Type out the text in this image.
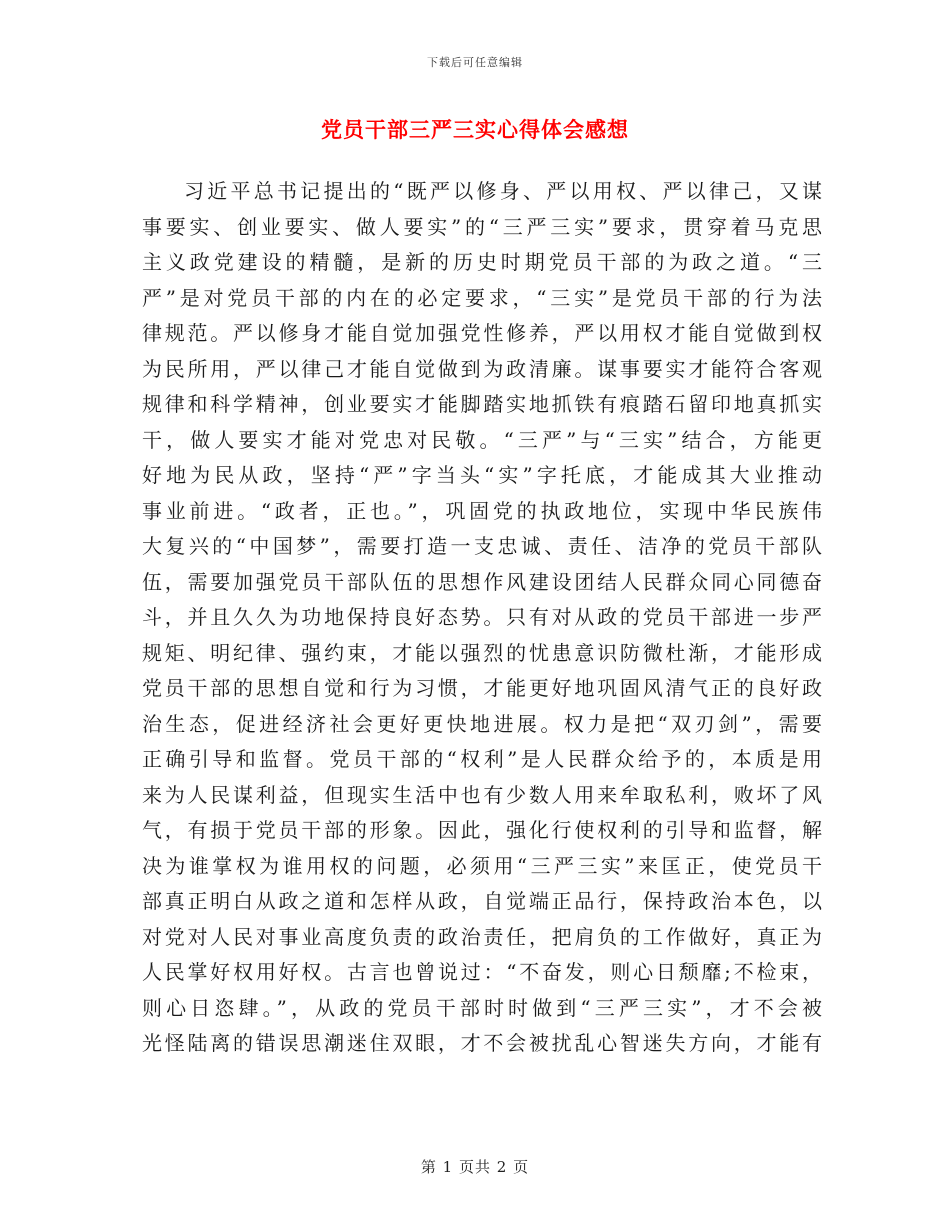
下载后可任意编辑
党员干部三严三实心得体会感想
习近平总书记提出的“既严以修身、严以用权、严以律己，又谋
事要实、创业要实、做人要实”的“三严三实”要求，贯穿着马克思
主义政党建设的精髓，是新的历史时期党员干部的为政之道。“三
严”是对党员干部的内在的必定要求，“三实”是党员干部的行为法
律规范。严以修身才能自觉加强党性修养，严以用权才能自觉做到权
为民所用，严以律己才能自觉做到为政清廉。谋事要实才能符合客观
规律和科学精神，创业要实才能脚踏实地抓铁有痕踏石留印地真抓实
干，做人要实才能对党忠对民敬。“三严”与“三实”结合，方能更
好地为民从政，坚持“严”字当头“实”字托底，才能成其大业推动
事业前进。“政者，正也。”，巩固党的执政地位，实现中华民族伟
大复兴的“中国梦”，需要打造一支忠诚、责任、洁净的党员干部队
伍，需要加强党员干部队伍的思想作风建设团结人民群众同心同德奋
斗，并且久久为功地保持良好态势。只有对从政的党员干部进一步严
规矩、明纪律、强约束，才能以强烈的忧患意识防微杜渐，才能形成
党员干部的思想自觉和行为习惯，才能更好地巩固风清气正的良好政
治生态，促进经济社会更好更快地进展。权力是把“双刃剑”，需要
正确引导和监督。党员干部的“权利”是人民群众给予的，本质是用
来为人民谋利益，但现实生活中也有少数人用来牟取私利，败坏了风
气，有损于党员干部的形象。因此，强化行使权利的引导和监督，解
决为谁掌权为谁用权的问题，必须用“三严三实”来匡正，使党员干
部真正明白从政之道和怎样从政，自觉端正品行，保持政治本色，以
对党对人民对事业高度负责的政治责任，把肩负的工作做好，真正为
人民掌好权用好权。古言也曾说过：“不奋发，则心日颓靡;不检束，
则心日恣肆。”，从政的党员干部时时做到“三严三实”，才不会被
光怪陆离的错误思潮迷住双眼，才不会被扰乱心智迷失方向，才能有
第 1 页共 2 页
